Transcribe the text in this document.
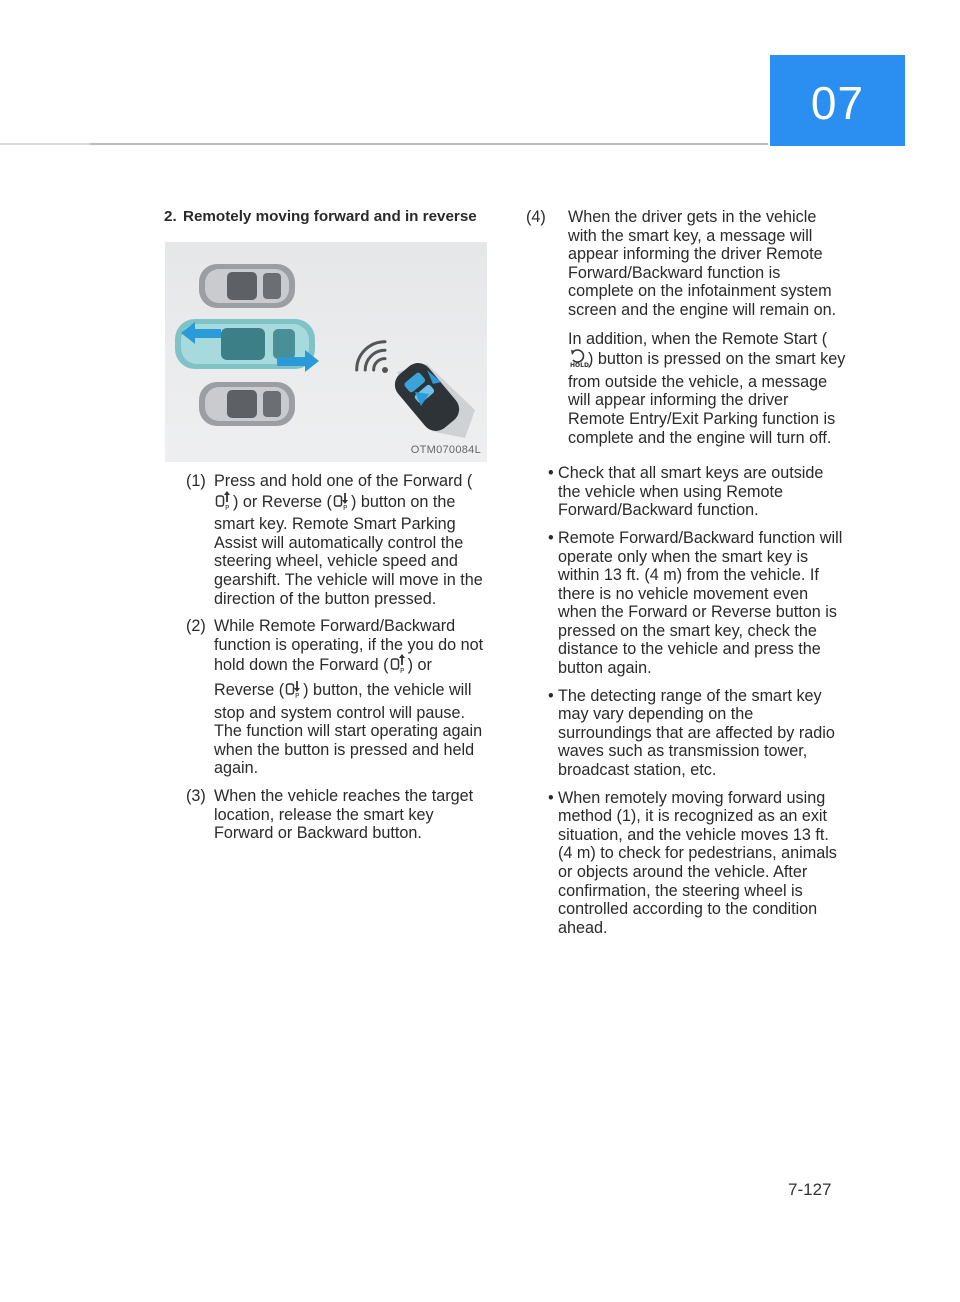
07
2. Remotely moving forward and in reverse
OTM070084L
(1) Press and hold one of the Forward (
P ) or Reverse ( P ) button on the smart key. Remote Smart Parking Assist will automatically control the steering wheel, vehicle speed and gearshift. The vehicle will move in the direction of the button pressed.
(2) While Remote Forward/Backward function is operating, if the you do not hold down the Forward ( P ) or Reverse ( P ) button, the vehicle will stop and system control will pause. The function will start operating again when the button is pressed and held again.
(3) When the vehicle reaches the target location, release the smart key Forward or Backward button.
(4) When the driver gets in the vehicle with the smart key, a message will appear informing the driver Remote Forward/Backward function is complete on the infotainment system screen and the engine will remain on.
In addition, when the Remote Start (
HOLD ) button is pressed on the smart key from outside the vehicle, a message will appear informing the driver Remote Entry/Exit Parking function is complete and the engine will turn off.
• Check that all smart keys are outside the vehicle when using Remote Forward/Backward function.
• Remote Forward/Backward function will operate only when the smart key is within 13 ft. (4 m) from the vehicle. If there is no vehicle movement even when the Forward or Reverse button is pressed on the smart key, check the distance to the vehicle and press the button again.
• The detecting range of the smart key may vary depending on the surroundings that are affected by radio waves such as transmission tower, broadcast station, etc.
• When remotely moving forward using method (1), it is recognized as an exit situation, and the vehicle moves 13 ft. (4 m) to check for pedestrians, animals or objects around the vehicle. After confirmation, the steering wheel is controlled according to the condition ahead.
7-127
